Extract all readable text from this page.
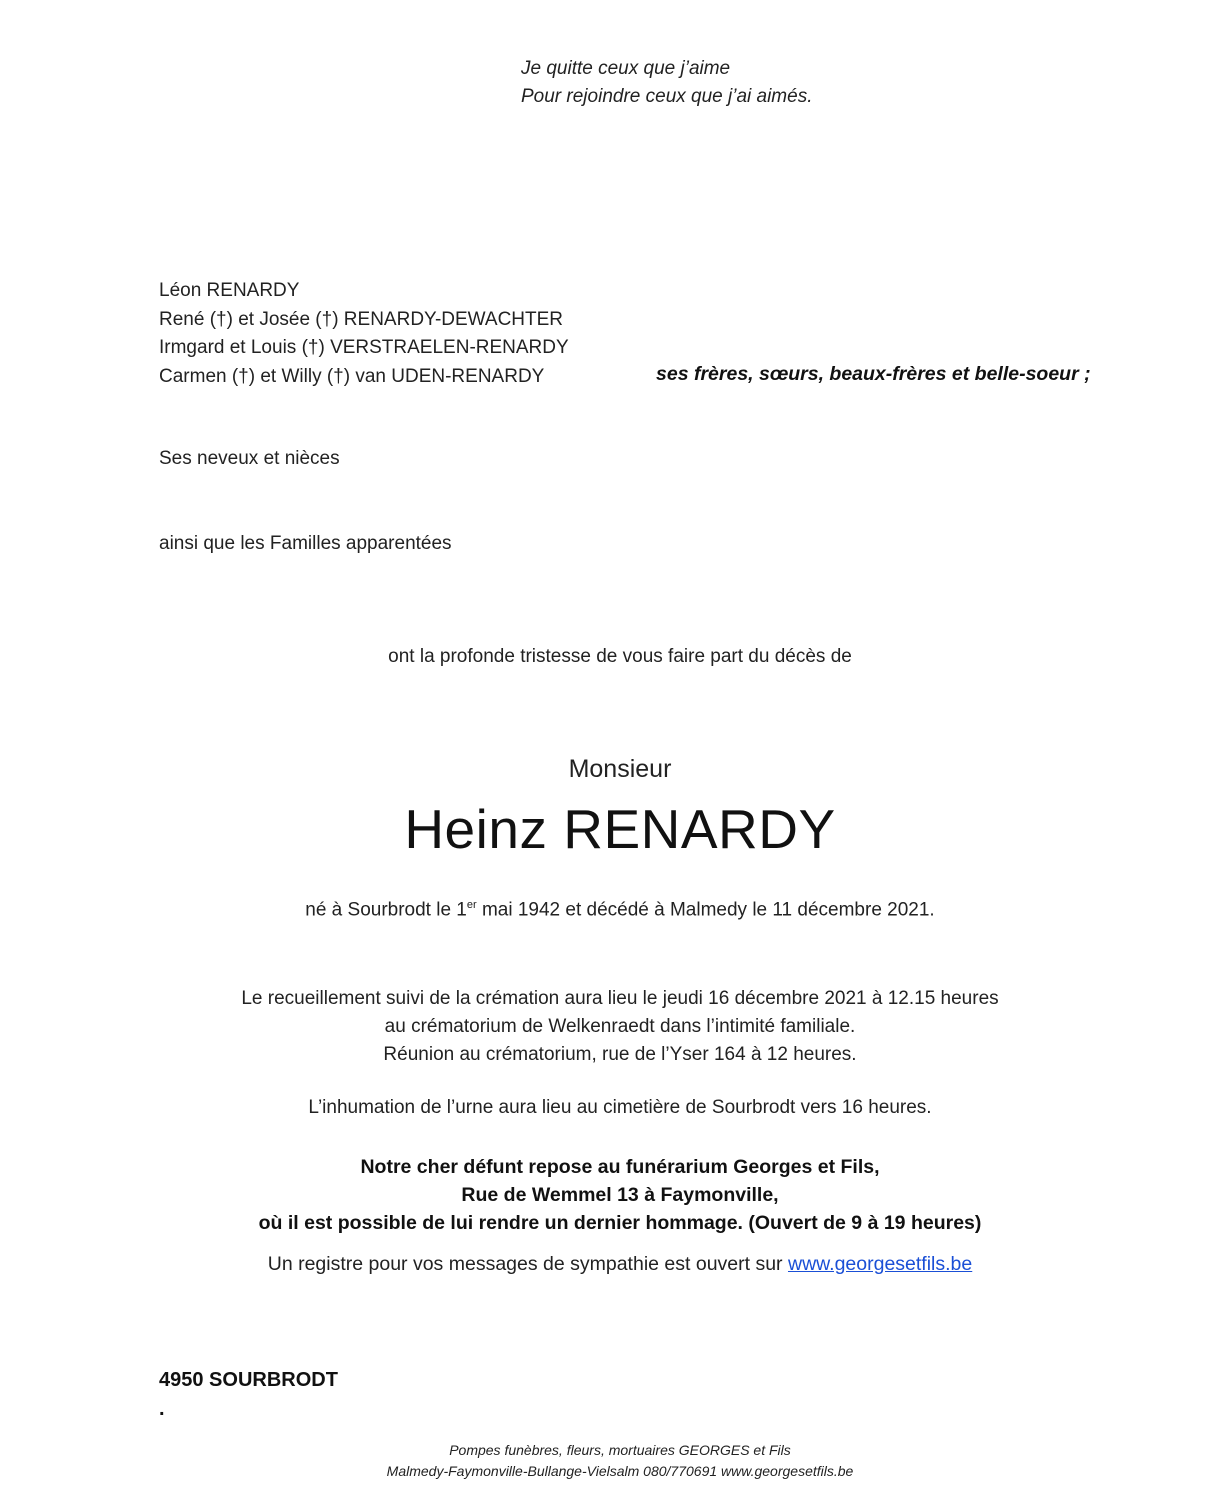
Je quitte ceux que j’aime
Pour rejoindre ceux que j’ai aimés.
Léon RENARDY
René (†) et Josée (†) RENARDY-DEWACHTER
Irmgard et Louis (†) VERSTRAELEN-RENARDY
Carmen (†) et Willy (†) van UDEN-RENARDY	ses frères, sœurs, beaux-frères et belle-soeur ;
Ses neveux et nièces
ainsi que les Familles apparentées
ont la profonde tristesse de vous faire part du décès de
Monsieur
Heinz RENARDY
né à Sourbrodt le 1er mai 1942 et décédé à Malmedy le 11 décembre 2021.
Le recueillement suivi de la crémation aura lieu le jeudi 16 décembre 2021 à 12.15 heures
au crématorium de Welkenraedt dans l’intimité familiale.
Réunion au crématorium, rue de l’Yser 164 à 12 heures.
L’inhumation de l’urne aura lieu au cimetière de Sourbrodt vers 16 heures.
Notre cher défunt repose au funérarium Georges et Fils,
Rue de Wemmel 13 à Faymonville,
où il est possible de lui rendre un dernier hommage. (Ouvert de 9 à 19 heures)
Un registre pour vos messages de sympathie est ouvert sur www.georgesetfils.be
4950 SOURBRODT
.
Pompes funèbres, fleurs, mortuaires GEORGES et Fils
Malmedy-Faymonville-Bullange-Vielsalm 080/770691 www.georgesetfils.be
